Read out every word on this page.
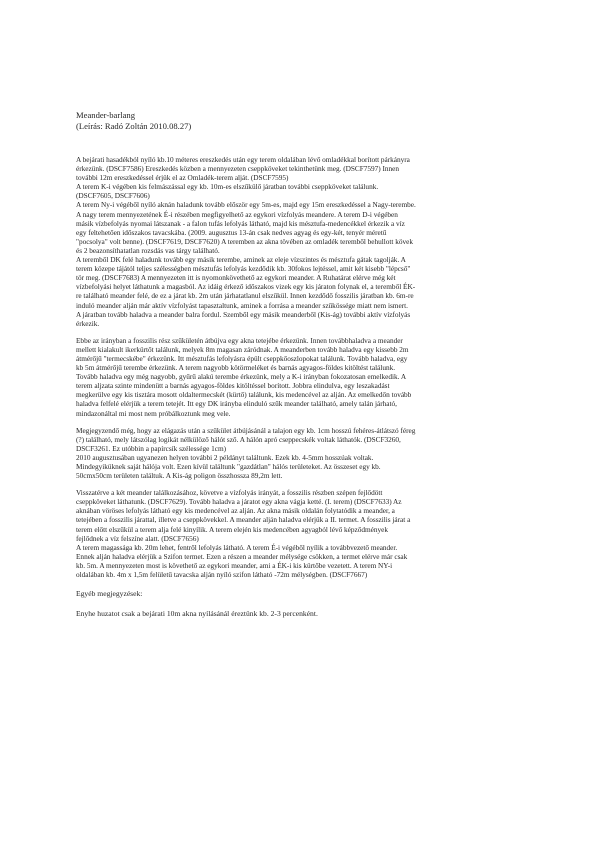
Meander-barlang
(Leírás: Radó Zoltán 2010.08.27)
A bejárati hasadékból nyíló kb.10 méteres ereszkedés után egy terem oldalában lévő omladékkal borított párkányra
érkezünk. (DSCF7586) Ereszkedés közben a mennyezeten cseppköveket tekinthetünk meg. (DSCF7597) Innen
további 12m ereszkedéssel érjük el az Omladék-terem alját. (DSCF7595)
A terem K-i végében kis felmászással egy kb. 10m-es elszűkülő járatban további cseppköveket találunk.
(DSCF7605, DSCF7606)
A terem Ny-i végéből nyíló aknán haladunk tovább először egy 5m-es, majd egy 15m ereszkedéssel a Nagy-terembe.
A nagy terem mennyezetének É-i részében megfigyelhető az egykori vízfolyás meandere. A terem D-i végében
másik vízbefolyás nyomai látszanak - a falon tufás lefolyás látható, majd kis mésztufa-medencékkel érkezik a víz
egy feltehetően időszakos tavacskába. (2009. augusztus 13-án csak nedves agyag és egy-két, tenyér méretű
"pocsolya" volt benne). (DSCF7619, DSCF7620) A teremben az akna tövében az omladék teremből behullott kövek
és 2 beazonsíthatatlan rozsdás vas tárgy található.
A teremből DK felé haladunk tovább egy másik terembe, aminek az eleje vízszintes és mésztufa gátak tagolják. A
terem közepe tájától teljes szélességben mésztufás lefolyás kezdődik kb. 30fokos lejtéssel, amit két kisebb "lépcső"
tör meg. (DSCF7683) A mennyezeten itt is nyomonkövethető az egykori meander. A Ruhatárat elérve még két
vízbefolyási helyet láthatunk a magasból. Az idáig érkező időszakos vizek egy kis járaton folynak el, a teremből ÉK-
re található meander felé, de ez a járat kb. 2m után járhatatlanul elszűkül. Innen kezdődő fosszilis járatban kb. 6m-re
induló meander alján már aktív vízfolyást tapasztaltunk, aminek a forrása a meander szűkössége miatt nem ismert.
A járatban tovább haladva a meander balra fordul. Szemből egy másik meanderből (Kis-ág) további aktív vízfolyás
érkezik.
Ebbe az irányban a fosszilis rész szűkületén átbújva egy akna tetejébe érkezünk. Innen továbbhaladva a meander
mellett kialakult ikerkürtőt találunk, melyek 8m magasan záródnak. A meanderben tovább haladva egy kissebb 2m
átmérőjű "termecskébe" érkezünk. Itt mésztufás lefolyásra épült cseppkőoszlopokat találunk. Tovább haladva, egy
kb 5m átmérőjű terembe érkezünk. A terem nagyobb kötörmeléket és barnás agyagos-földes kitöltést találunk.
Tovább haladva egy még nagyobb, gyűrű alakú terembe érkezünk, mely a K-i irányban fokozatosan emelkedik. A
terem aljzata szinte mindenütt a barnás agyagos-földes kitöltéssel borított. Jobbra elindulva, egy leszakadást
megkerülve egy kis tisztára mosott oldaltermecskét (kürtő) találunk, kis medencével az alján. Az emelkedőn tovább
haladva felfelé elérjük a terem tetejét. Itt egy DK irányba elinduló szűk meander található, amely talán járható,
mindazonáltal mi most nem próbálkoztunk meg vele.
Megjegyzendő még, hogy az elágazás után a szűkület átbújásánál a talajon egy kb. 1cm hosszú fehéres-átlátszó féreg
(?) található, mely látszólag logikát nélkülöző hálót sző. A hálón apró cseppecskék voltak láthatók. (DSCF3260,
DSCF3261. Ez utóbbin a papírcsík szélessége 1cm)
2010 augusztusában ugyanezen helyen további 2 példányt találtunk. Ezek kb. 4-5mm hosszúak voltak.
Mindegyiküknek saját hálója volt. Ezen kívül találtunk "gazdátlan" hálós területeket. Az összeset egy kb.
50cmx50cm területen találtuk. A Kis-ág poligon összhossza 89,2m lett.
Visszatérve a két meander találkozásához, követve a vízfolyás irányát, a fosszilis részben szépen fejlődött
cseppköveket láthatunk. (DSCF7629). Tovább haladva a járatot egy akna vágja ketté. (I. terem) (DSCF7633) Az
aknában vöröses lefolyás látható egy kis medencével az alján. Az akna másik oldalán folytatódik a meander, a
tetejében a fosszilis járattal, illetve a cseppkövekkel. A meander alján haladva elérjük a II. termet. A fosszilis járat a
terem előtt elszűkül a terem alja felé kinyílik. A terem elején kis medencében agyagból lévő képződmények
fejlődnek a víz felszíne alatt. (DSCF7656)
A terem magassága kb. 20m lehet, fentről lefolyás látható. A terem É-i végéből nyílik a továbbvezető meander.
Ennek alján haladva elérjük a Szifon termet. Ezen a részen a meander mélysége csökken, a termet elérve már csak
kb. 5m. A mennyezeten most is követhető az egykori meander, ami a ÉK-i kis kürtőbe vezetett. A terem NY-i
oldalában kb. 4m x 1,5m felületű tavacska alján nyíló szifon látható -72m mélységben. (DSCF7667)
Egyéb megjegyzések:
Enyhe huzatot csak a bejárati 10m akna nyílásánál éreztünk kb. 2-3 percenként.
